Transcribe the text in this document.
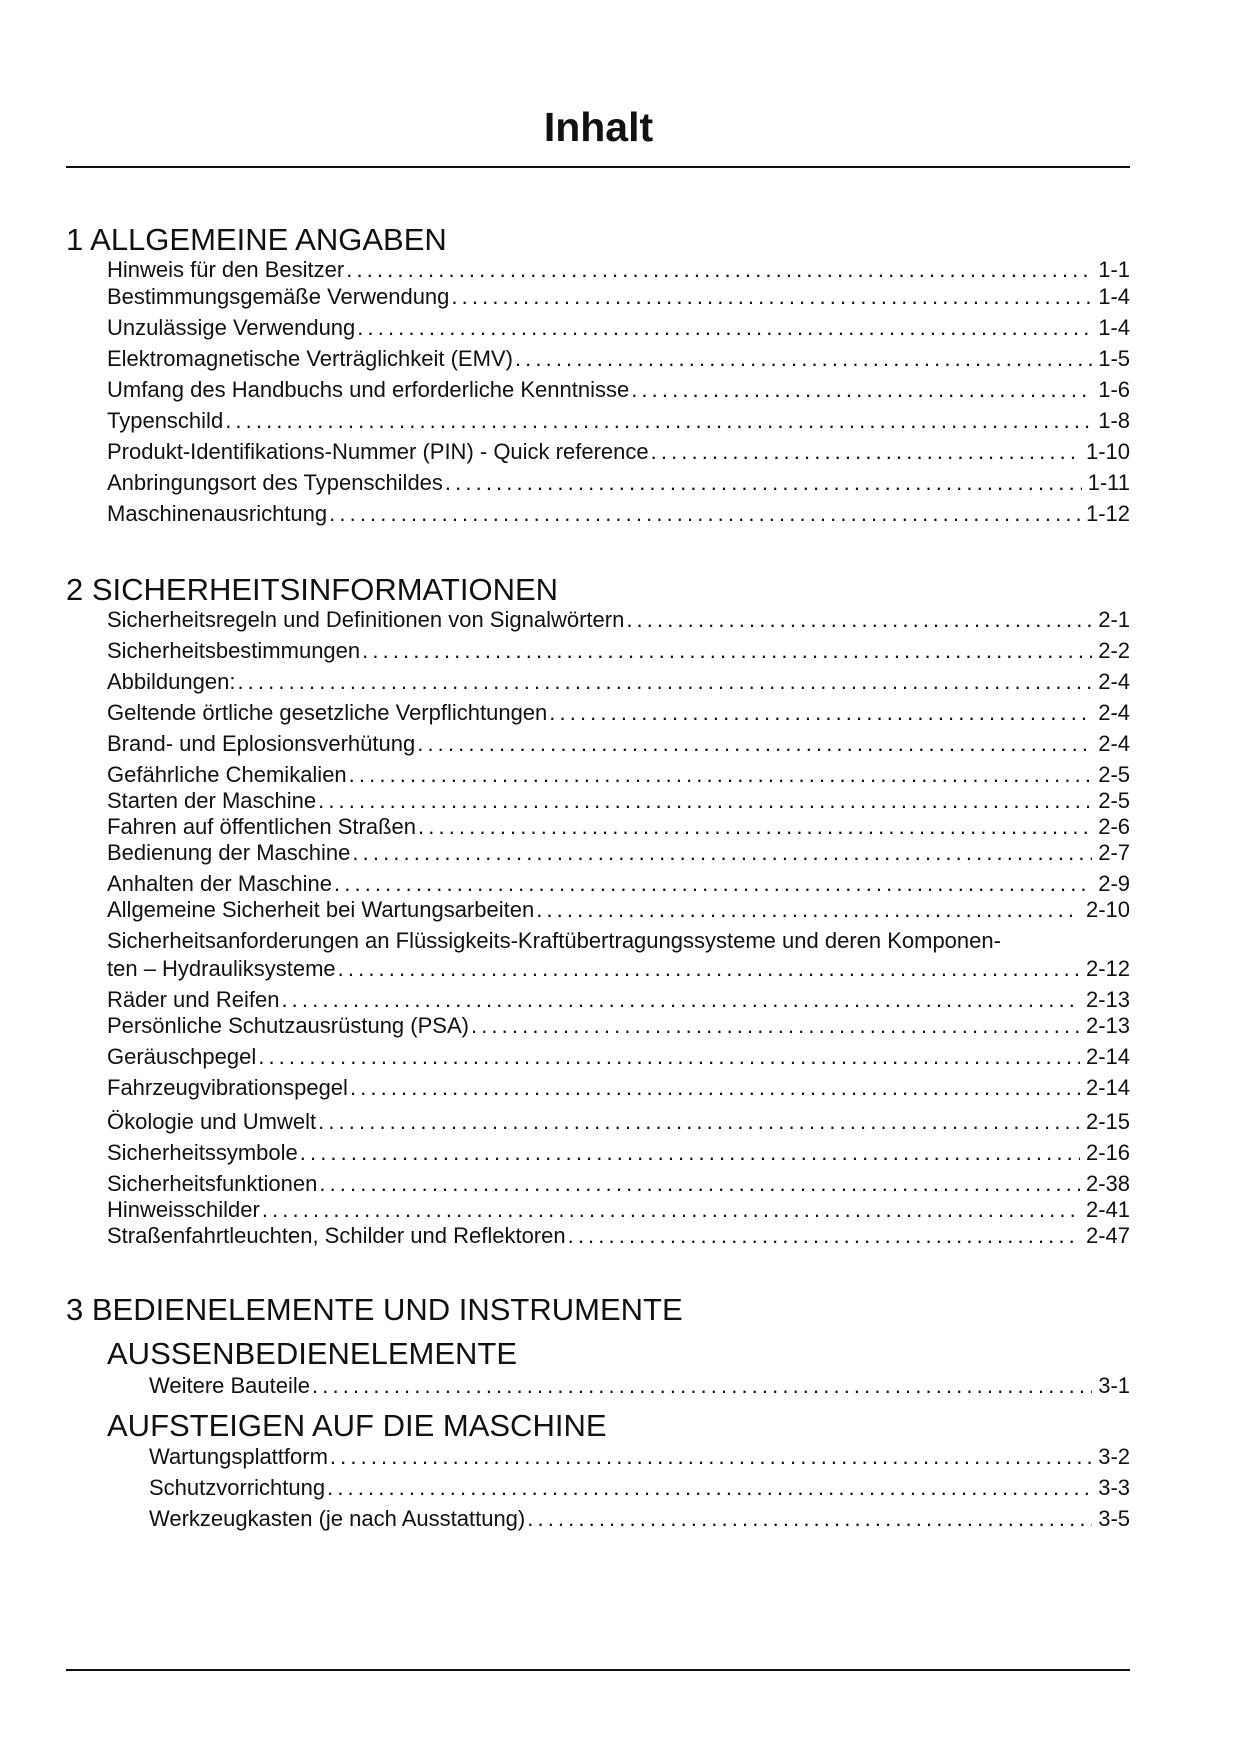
Inhalt
1 ALLGEMEINE ANGABEN
Hinweis für den Besitzer . . .	1-1
Bestimmungsgemäße Verwendung . . .	1-4
Unzulässige Verwendung . . .	1-4
Elektromagnetische Verträglichkeit (EMV) . . .	1-5
Umfang des Handbuchs und erforderliche Kenntnisse . . .	1-6
Typenschild . . .	1-8
Produkt-Identifikations-Nummer (PIN) - Quick reference . . .	1-10
Anbringungsort des Typenschildes . . .	1-11
Maschinenausrichtung . . .	1-12
2 SICHERHEITSINFORMATIONEN
Sicherheitsregeln und Definitionen von Signalwörtern . . .	2-1
Sicherheitsbestimmungen . . .	2-2
Abbildungen: . . .	2-4
Geltende örtliche gesetzliche Verpflichtungen . . .	2-4
Brand- und Eplosionsverhütung . . .	2-4
Gefährliche Chemikalien . . .	2-5
Starten der Maschine . . .	2-5
Fahren auf öffentlichen Straßen . . .	2-6
Bedienung der Maschine . . .	2-7
Anhalten der Maschine . . .	2-9
Allgemeine Sicherheit bei Wartungsarbeiten . . .	2-10
Sicherheitsanforderungen an Flüssigkeits-Kraftübertragungssysteme und deren Komponen-
ten – Hydrauliksysteme . . .	2-12
Räder und Reifen . . .	2-13
Persönliche Schutzausrüstung (PSA) . . .	2-13
Geräuschpegel . . .	2-14
Fahrzeugvibrationspegel . . .	2-14
Ökologie und Umwelt . . .	2-15
Sicherheitssymbole . . .	2-16
Sicherheitsfunktionen . . .	2-38
Hinweisschilder . . .	2-41
Straßenfahrtleuchten, Schilder und Reflektoren . . .	2-47
3 BEDIENELEMENTE UND INSTRUMENTE
AUSSENBEDIENELEMENTE
Weitere Bauteile . . .	3-1
AUFSTEIGEN AUF DIE MASCHINE
Wartungsplattform . . .	3-2
Schutzvorrichtung . . .	3-3
Werkzeugkasten (je nach Ausstattung) . . .	3-5
